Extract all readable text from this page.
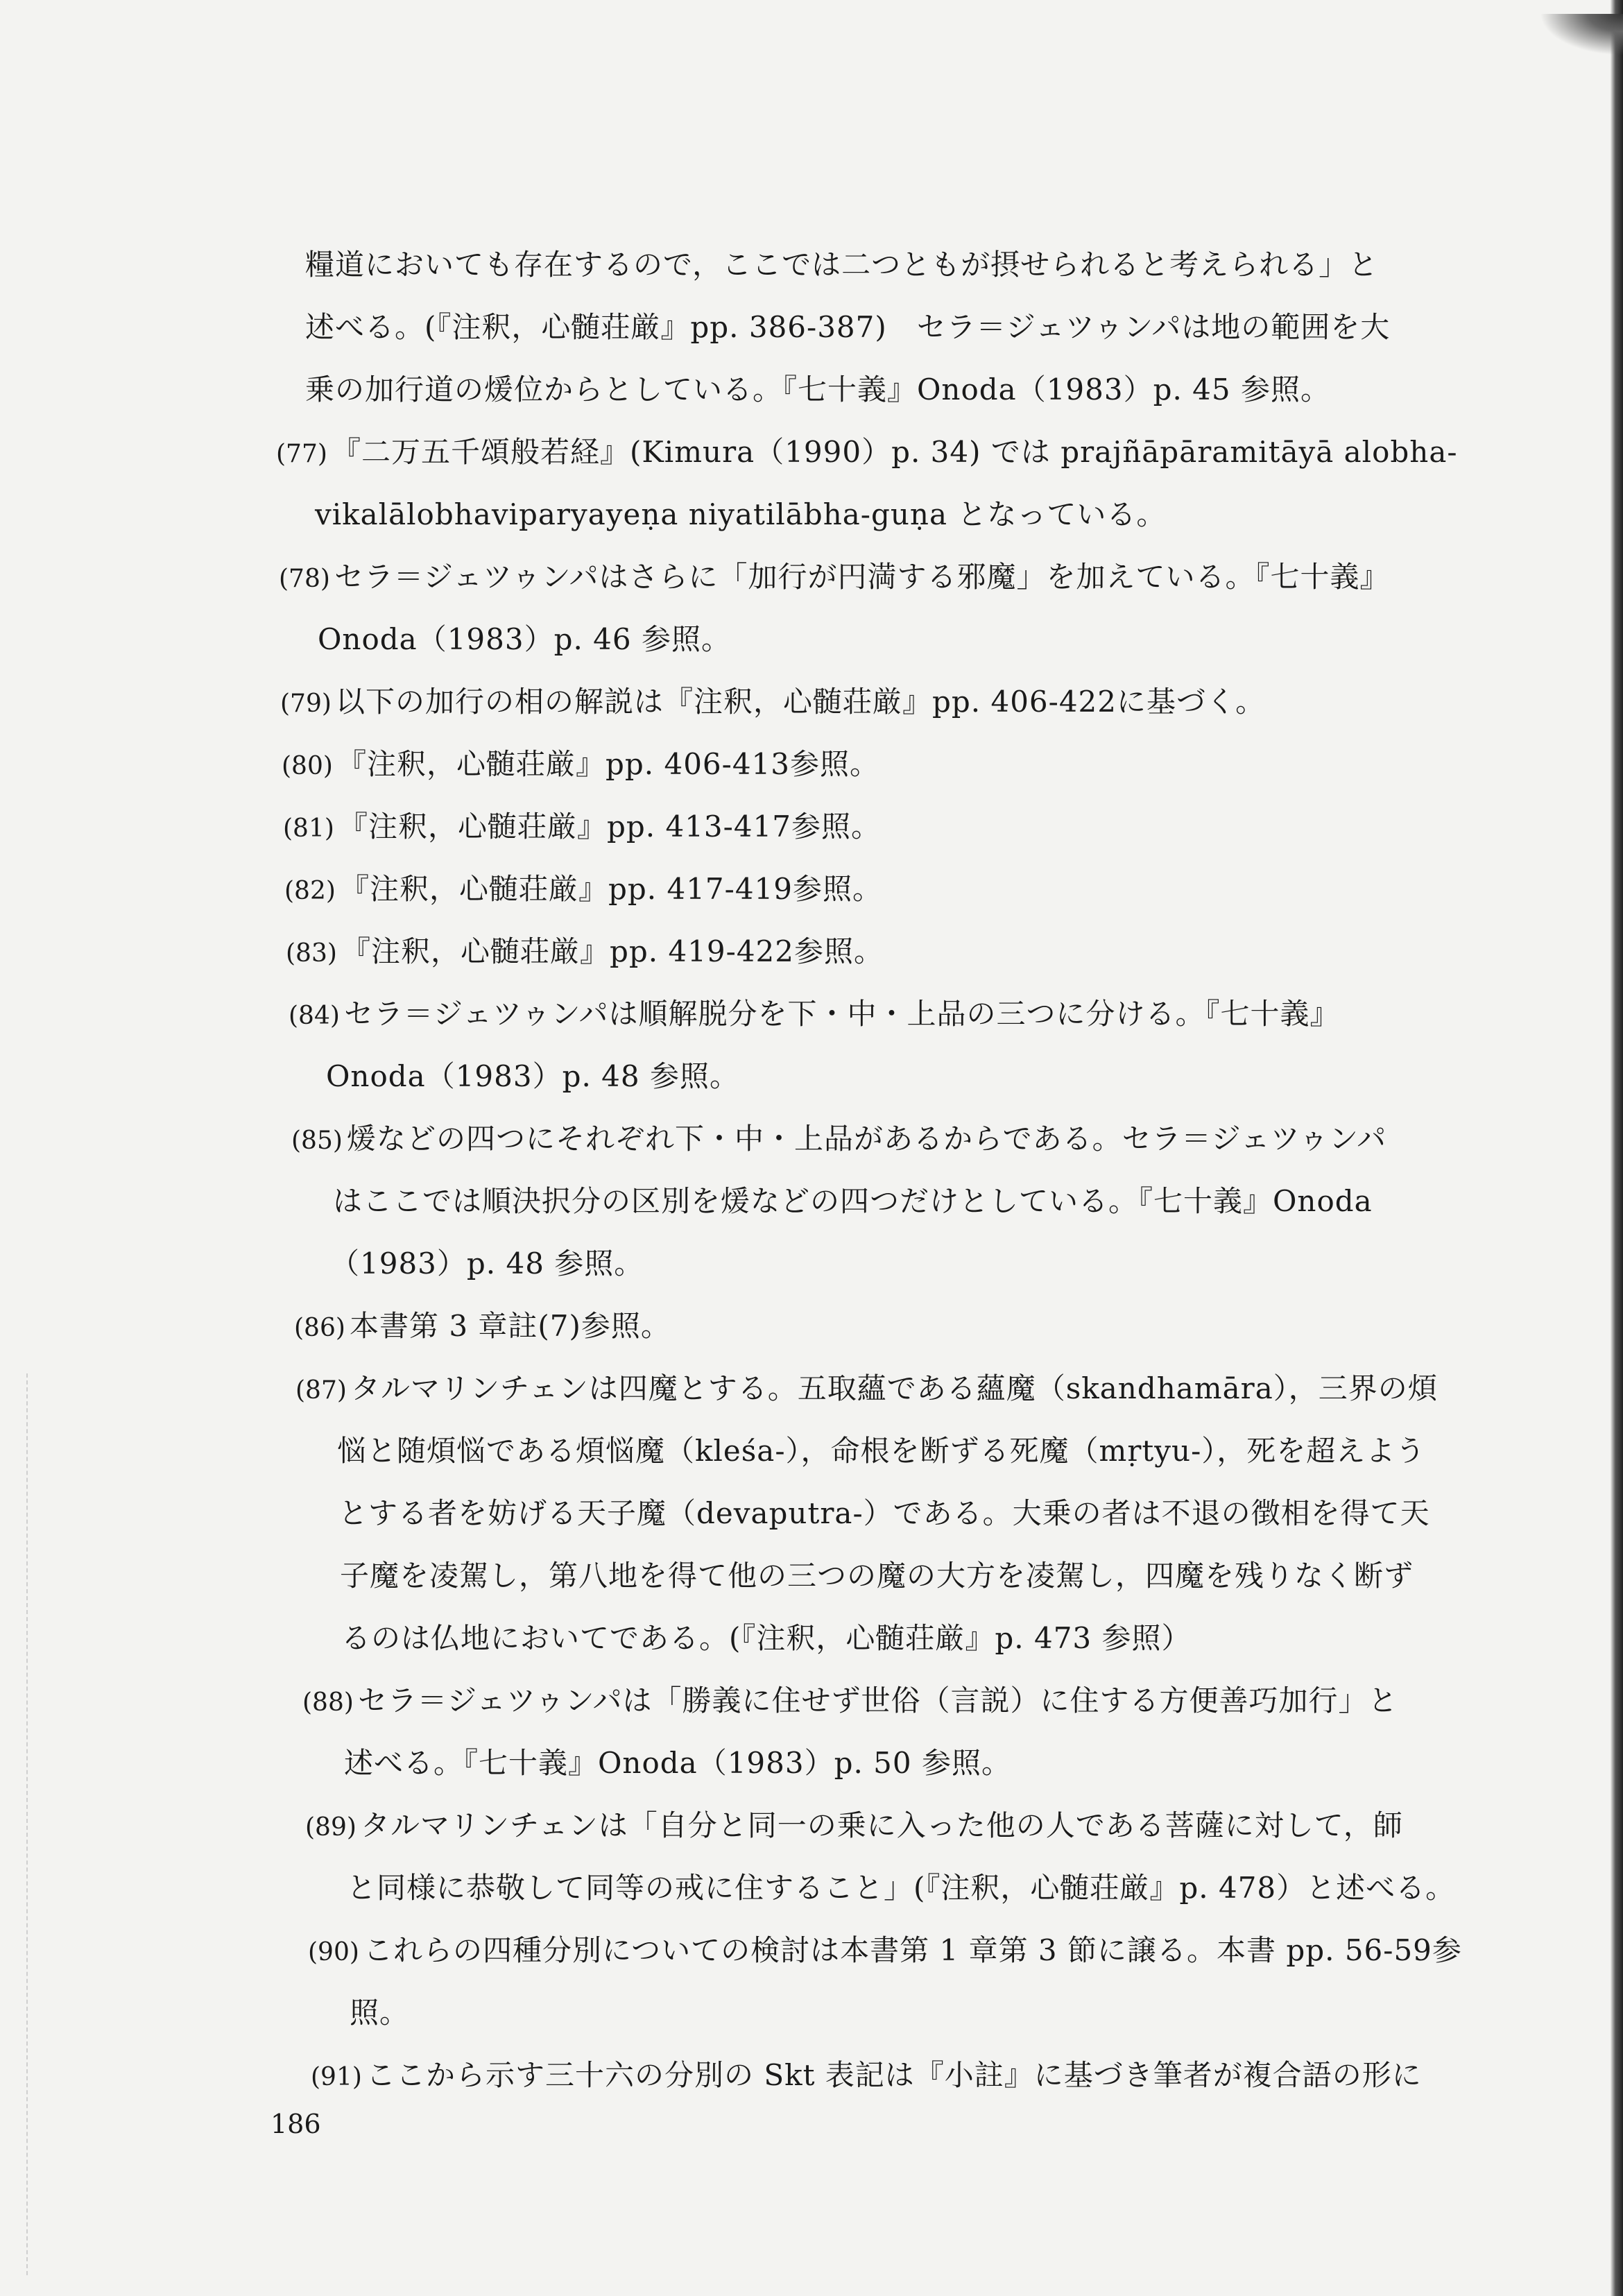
糧道においても存在するので，ここでは二つともが摂せられると考えられる」と
述べる。(『注釈，心髄荘厳』pp. 386-387)　セラ＝ジェツゥンパは地の範囲を大
乗の加行道の煖位からとしている。『七十義』Onoda（1983）p. 45 参照。
(77) 『二万五千頌般若経』(Kimura（1990）p. 34) では prajñāpāramitāyā alobha-
vikalālobhaviparyayeṇa niyatilābha-guṇa となっている。
(78) セラ＝ジェツゥンパはさらに「加行が円満する邪魔」を加えている。『七十義』
Onoda（1983）p. 46 参照。
(79) 以下の加行の相の解説は『注釈，心髄荘厳』pp. 406-422に基づく。
(80) 『注釈，心髄荘厳』pp. 406-413参照。
(81) 『注釈，心髄荘厳』pp. 413-417参照。
(82) 『注釈，心髄荘厳』pp. 417-419参照。
(83) 『注釈，心髄荘厳』pp. 419-422参照。
(84) セラ＝ジェツゥンパは順解脱分を下・中・上品の三つに分ける。『七十義』
Onoda（1983）p. 48 参照。
(85) 煖などの四つにそれぞれ下・中・上品があるからである。セラ＝ジェツゥンパ
はここでは順決択分の区別を煖などの四つだけとしている。『七十義』Onoda
（1983）p. 48 参照。
(86) 本書第 3 章註(7)参照。
(87) タルマリンチェンは四魔とする。五取蘊である蘊魔（skandhamāra），三界の煩
悩と随煩悩である煩悩魔（kleśa-），命根を断ずる死魔（mṛtyu-），死を超えよう
とする者を妨げる天子魔（devaputra-）である。大乗の者は不退の徴相を得て天
子魔を凌駕し，第八地を得て他の三つの魔の大方を凌駕し，四魔を残りなく断ず
るのは仏地においてである。(『注釈，心髄荘厳』p. 473 参照）
(88) セラ＝ジェツゥンパは「勝義に住せず世俗（言説）に住する方便善巧加行」と
述べる。『七十義』Onoda（1983）p. 50 参照。
(89) タルマリンチェンは「自分と同一の乗に入った他の人である菩薩に対して，師
と同様に恭敬して同等の戒に住すること」(『注釈，心髄荘厳』p. 478）と述べる。
(90) これらの四種分別についての検討は本書第 1 章第 3 節に譲る。本書 pp. 56-59参
照。
(91) ここから示す三十六の分別の Skt 表記は『小註』に基づき筆者が複合語の形に
186
